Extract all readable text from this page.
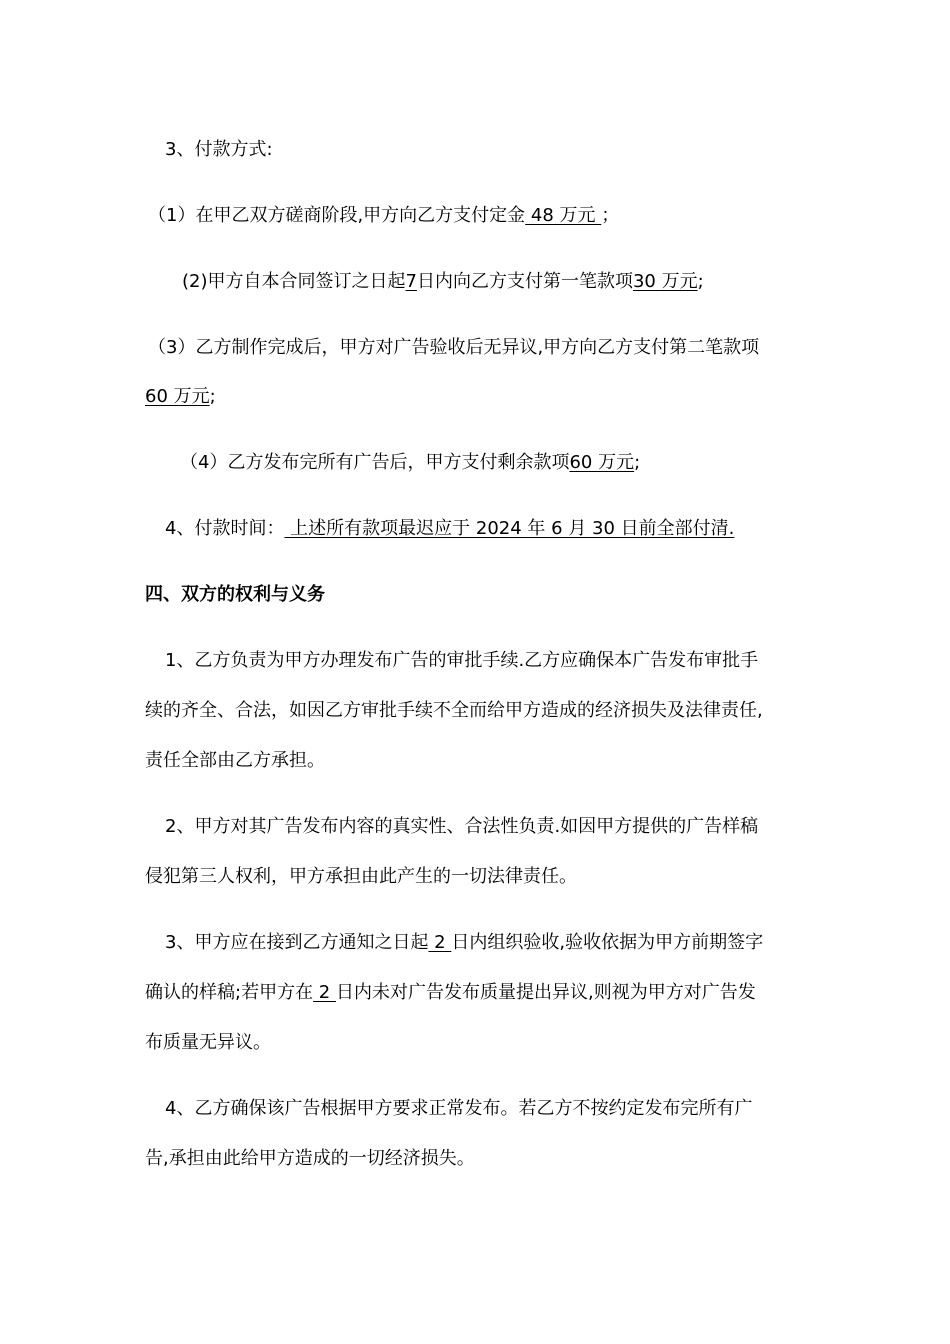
3、付款方式:
（1）在甲乙双方磋商阶段,甲方向乙方支付定金 48 万元 ；
(2)甲方自本合同签订之日起7日内向乙方支付第一笔款项30 万元;
（3）乙方制作完成后，甲方对广告验收后无异议,甲方向乙方支付第二笔款项
60 万元;
（4）乙方发布完所有广告后，甲方支付剩余款项60 万元;
4、付款时间： 上述所有款项最迟应于 2024 年 6 月 30 日前全部付清.
四、双方的权利与义务
1、乙方负责为甲方办理发布广告的审批手续.乙方应确保本广告发布审批手
续的齐全、合法，如因乙方审批手续不全而给甲方造成的经济损失及法律责任,
责任全部由乙方承担。
2、甲方对其广告发布内容的真实性、合法性负责.如因甲方提供的广告样稿
侵犯第三人权利，甲方承担由此产生的一切法律责任。
3、甲方应在接到乙方通知之日起 2 日内组织验收,验收依据为甲方前期签字
确认的样稿;若甲方在 2 日内未对广告发布质量提出异议,则视为甲方对广告发
布质量无异议。
4、乙方确保该广告根据甲方要求正常发布。若乙方不按约定发布完所有广
告,承担由此给甲方造成的一切经济损失。
